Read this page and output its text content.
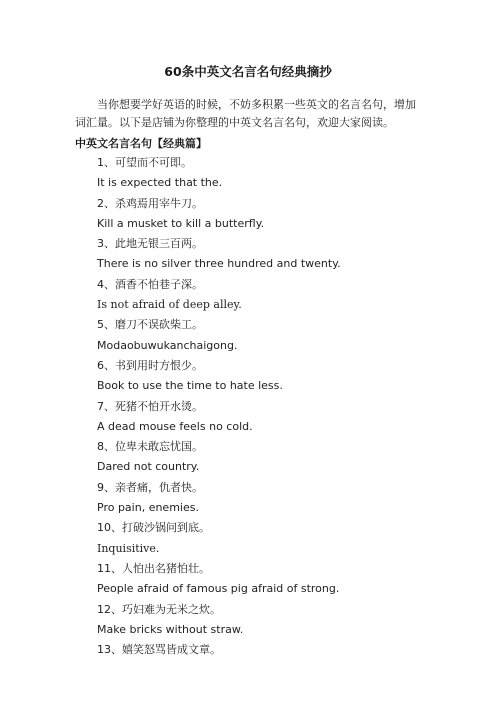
60条中英文名言名句经典摘抄
当你想要学好英语的时候，不妨多积累一些英文的名言名句，增加词汇量。以下是店铺为你整理的中英文名言名句，欢迎大家阅读。
中英文名言名句【经典篇】
1、可望而不可即。
It is expected that the.
2、杀鸡焉用宰牛刀。
Kill a musket to kill a butterfly.
3、此地无银三百两。
There is no silver three hundred and twenty.
4、酒香不怕巷子深。
Is not afraid of deep alley.
5、磨刀不误砍柴工。
Modaobuwukanchaigong.
6、书到用时方恨少。
Book to use the time to hate less.
7、死猪不怕开水烫。
A dead mouse feels no cold.
8、位卑未敢忘忧国。
Dared not country.
9、亲者痛，仇者快。
Pro pain, enemies.
10、打破沙锅问到底。
Inquisitive.
11、人怕出名猪怕壮。
People afraid of famous pig afraid of strong.
12、巧妇难为无米之炊。
Make bricks without straw.
13、嬉笑怒骂皆成文章。
